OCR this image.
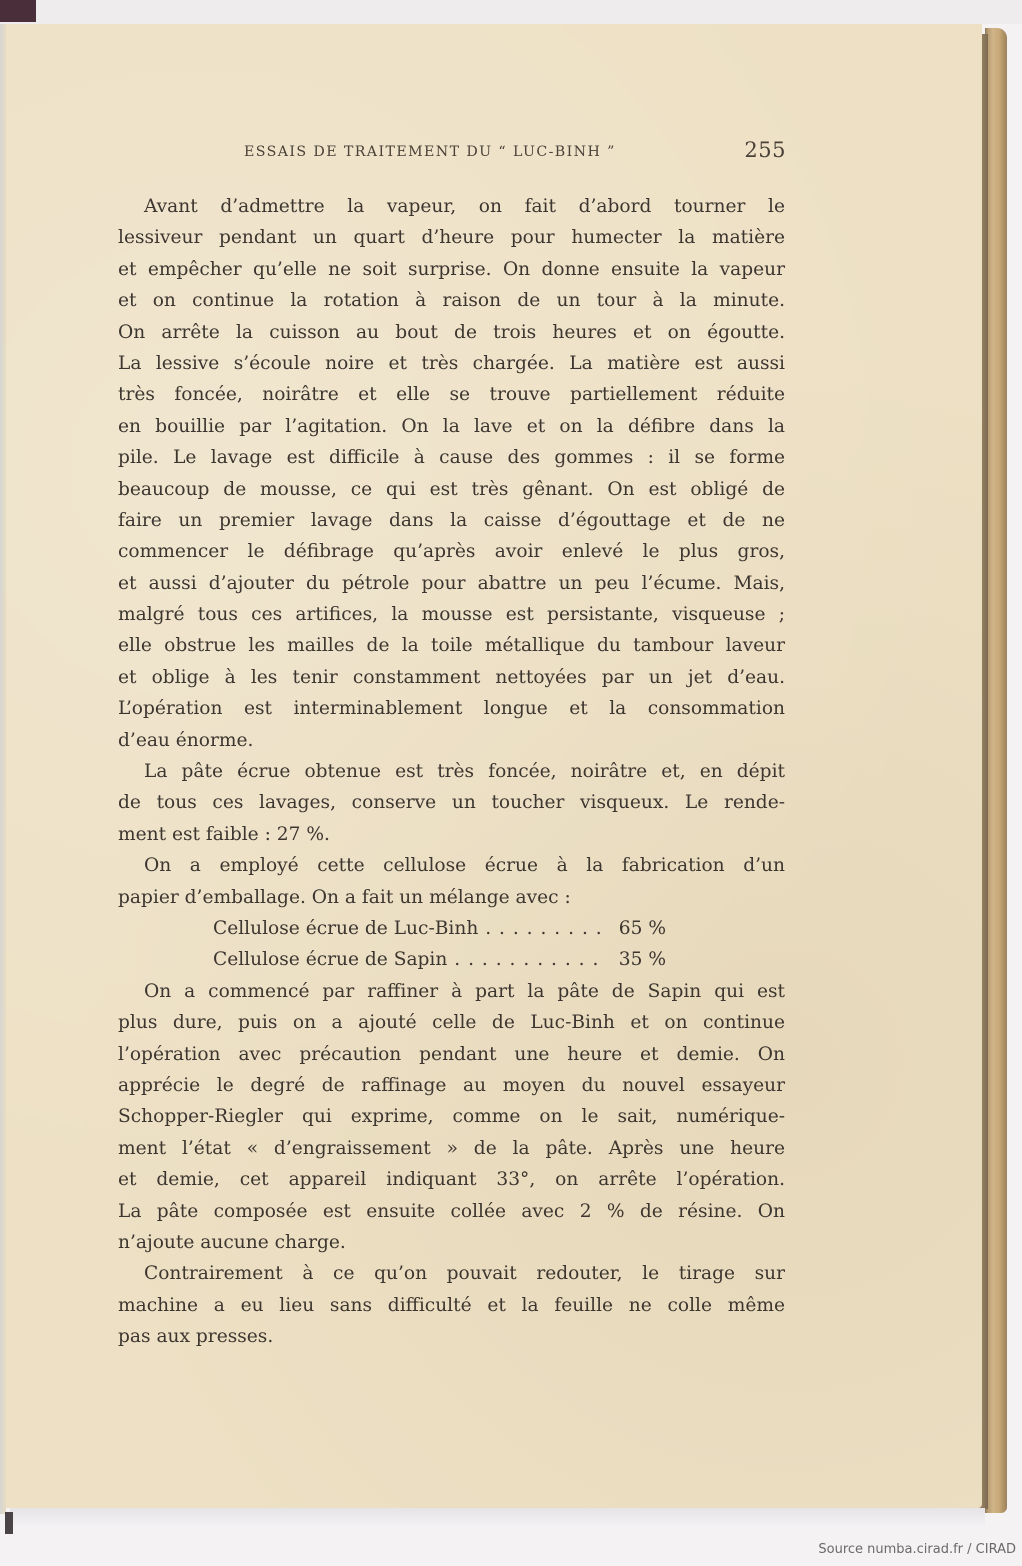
ESSAIS DE TRAITEMENT DU “ LUC-BINH ”	255
Avant d’admettre la vapeur, on fait d’abord tourner le
lessiveur pendant un quart d’heure pour humecter la matière
et empêcher qu’elle ne soit surprise. On donne ensuite la vapeur
et on continue la rotation à raison de un tour à la minute.
On arrête la cuisson au bout de trois heures et on égoutte.
La lessive s’écoule noire et très chargée. La matière est aussi
très foncée, noirâtre et elle se trouve partiellement réduite
en bouillie par l’agitation. On la lave et on la défibre dans la
pile. Le lavage est difficile à cause des gommes : il se forme
beaucoup de mousse, ce qui est très gênant. On est obligé de
faire un premier lavage dans la caisse d’égouttage et de ne
commencer le défibrage qu’après avoir enlevé le plus gros,
et aussi d’ajouter du pétrole pour abattre un peu l’écume. Mais,
malgré tous ces artifices, la mousse est persistante, visqueuse ;
elle obstrue les mailles de la toile métallique du tambour laveur
et oblige à les tenir constamment nettoyées par un jet d’eau.
L’opération est interminablement longue et la consommation
d’eau énorme.
La pâte écrue obtenue est très foncée, noirâtre et, en dépit
de tous ces lavages, conserve un toucher visqueux. Le rende-
ment est faible : 27 %.
On a employé cette cellulose écrue à la fabrication d’un
papier d’emballage. On a fait un mélange avec :
Cellulose écrue de Luc-Binh . . .	65 %
Cellulose écrue de Sapin . . .	35 %
On a commencé par raffiner à part la pâte de Sapin qui est
plus dure, puis on a ajouté celle de Luc-Binh et on continue
l’opération avec précaution pendant une heure et demie. On
apprécie le degré de raffinage au moyen du nouvel essayeur
Schopper-Riegler qui exprime, comme on le sait, numérique-
ment l’état « d’engraissement » de la pâte. Après une heure
et demie, cet appareil indiquant 33°, on arrête l’opération.
La pâte composée est ensuite collée avec 2 % de résine. On
n’ajoute aucune charge.
Contrairement à ce qu’on pouvait redouter, le tirage sur
machine a eu lieu sans difficulté et la feuille ne colle même
pas aux presses.
Source numba.cirad.fr / CIRAD
